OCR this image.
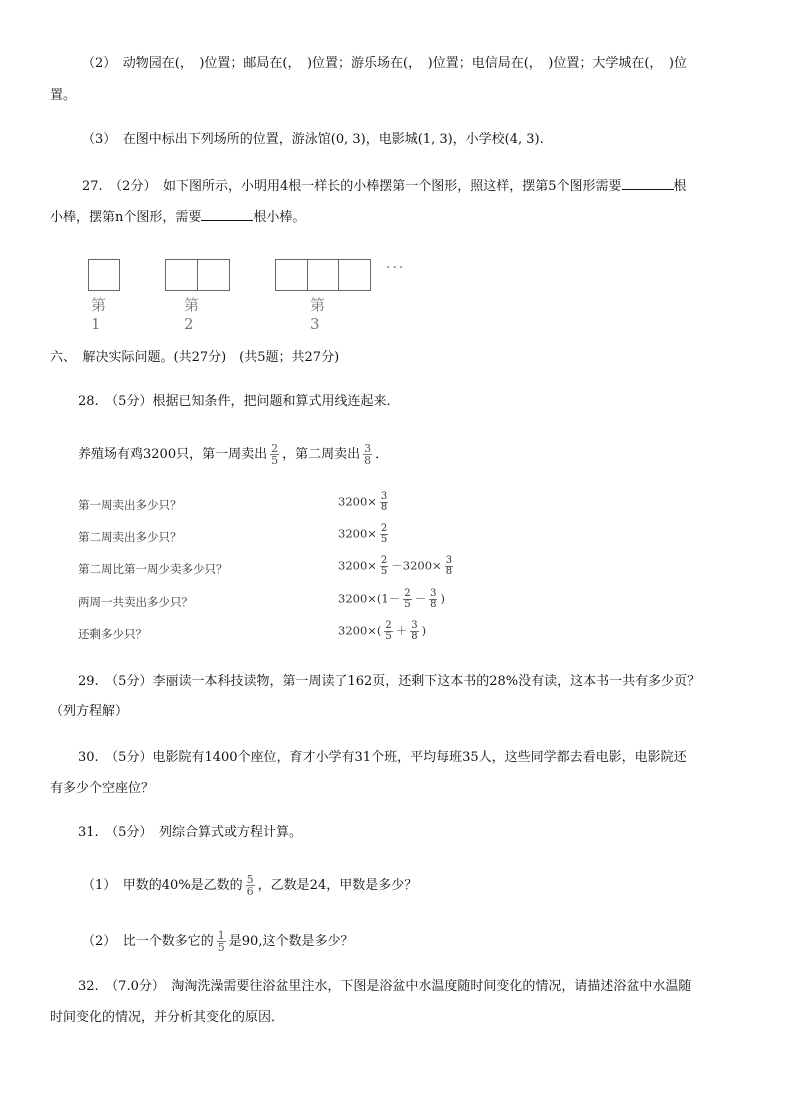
（2）　动物园在(，　)位置；邮局在(，　)位置；游乐场在(，　)位置；电信局在(，　)位置；大学城在(，　)位
置。
（3）　在图中标出下列场所的位置，游泳馆(0, 3)，电影城(1, 3)，小学校(4, 3).
27.　（2分）　如下图所示，小明用4根一样长的小棒摆第一个图形，照这样，摆第5个图形需要	根
小棒，摆第n个图形，需要	根小棒。
第1
第2
第3
···
六、　解决实际问题。(共27分)　(共5题；共27分)
28.　（5分）根据已知条件，把问题和算式用线连起来．
养殖场有鸡3200只，第一周卖出 $\frac{2}{5}$ ，第二周卖出 $\frac{3}{8}$ ．
第一周卖出多少只？
第二周卖出多少只？
第二周比第一周少卖多少只？
两周一共卖出多少只？
还剩多少只？
$3200\times \frac{3}{8}$
$3200\times \frac{2}{5}$
$3200\times \frac{2}{5} -3200\times \frac{3}{8}$
$3200\times(1- \frac{2}{5} - \frac{3}{8}$ )
$3200\times( \frac{2}{5} + \frac{3}{8}$ )
29.　（5分）李丽读一本科技读物，第一周读了162页，还剩下这本书的28%没有读，这本书一共有多少页？
（列方程解）
30.　（5分）电影院有1400个座位，育才小学有31个班，平均每班35人，这些同学都去看电影，电影院还
有多少个空座位？
31.　（5分）　列综合算式或方程计算。
（1）　甲数的40%是乙数的 $\frac{5}{6}$ ，乙数是24，甲数是多少？
（2）　比一个数多它的 $\frac{1}{5}$ 是90,这个数是多少？
32.　（7.0分）　淘淘洗澡需要往浴盆里注水，下图是浴盆中水温度随时间变化的情况，请描述浴盆中水温随
时间变化的情况，并分析其变化的原因．
